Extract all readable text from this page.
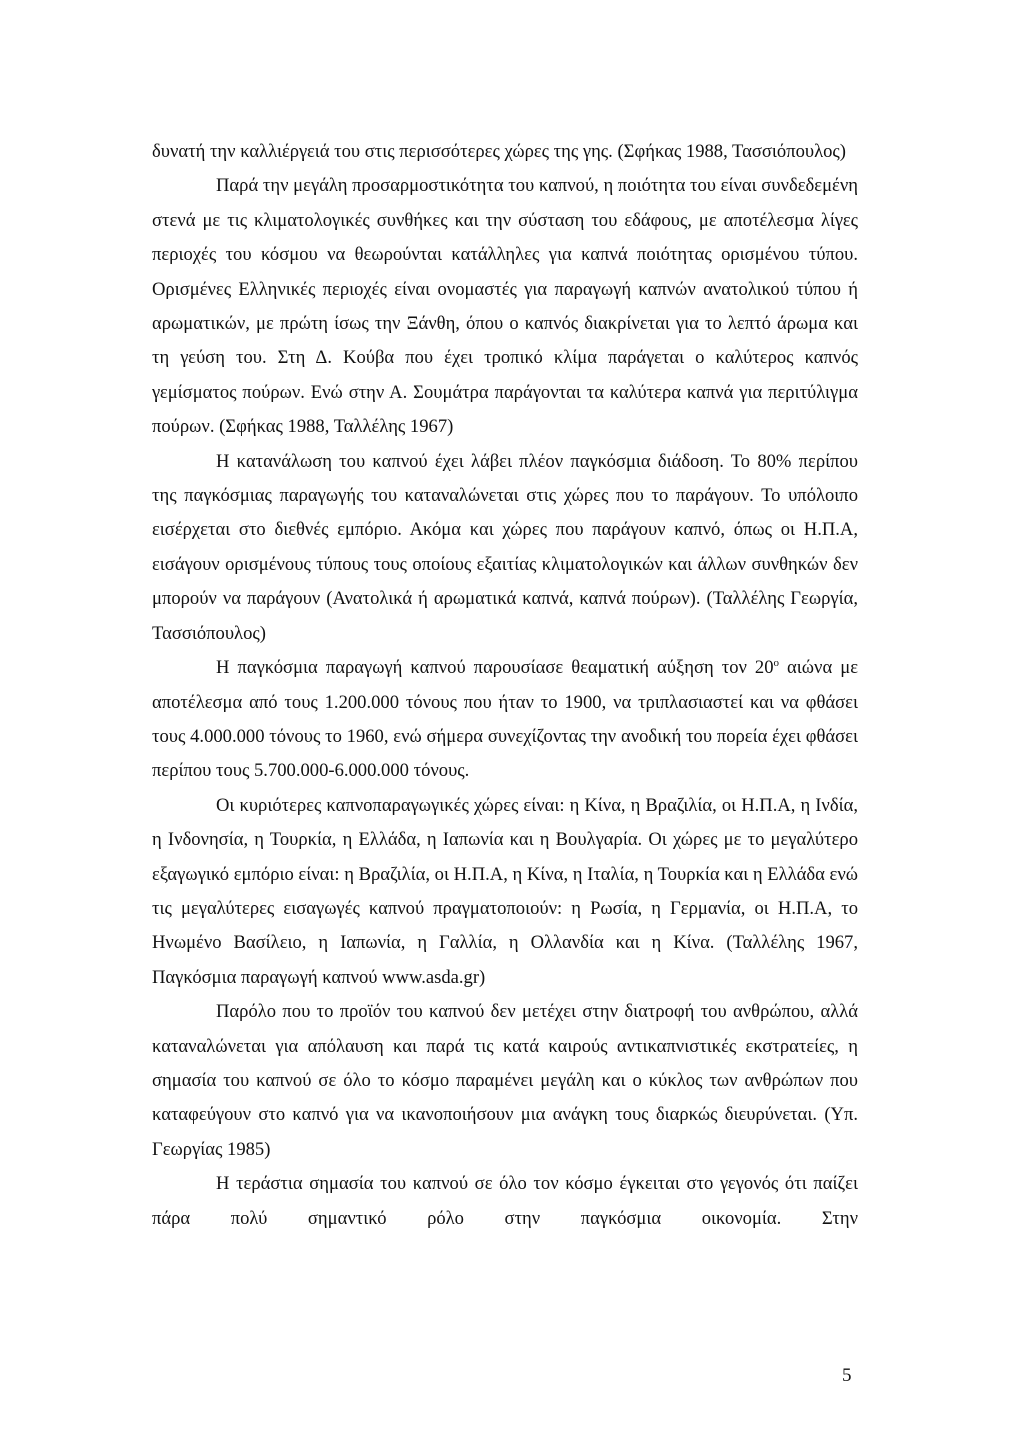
δυνατή την καλλιέργειά του στις περισσότερες χώρες της γης. (Σφήκας 1988, Τασσιόπουλος)

Παρά την μεγάλη προσαρμοστικότητα του καπνού, η ποιότητα του είναι συνδεδεμένη στενά με τις κλιματολογικές συνθήκες και την σύσταση του εδάφους, με αποτέλεσμα λίγες περιοχές του κόσμου να θεωρούνται κατάλληλες για καπνά ποιότητας ορισμένου τύπου. Ορισμένες Ελληνικές περιοχές είναι ονομαστές για παραγωγή καπνών ανατολικού τύπου ή αρωματικών, με πρώτη ίσως την Ξάνθη, όπου ο καπνός διακρίνεται για το λεπτό άρωμα και τη γεύση του. Στη Δ. Κούβα που έχει τροπικό κλίμα παράγεται ο καλύτερος καπνός γεμίσματος πούρων. Ενώ στην Α. Σουμάτρα παράγονται τα καλύτερα καπνά για περιτύλιγμα πούρων. (Σφήκας 1988, Ταλλέλης 1967)

Η κατανάλωση του καπνού έχει λάβει πλέον παγκόσμια διάδοση. Το 80% περίπου της παγκόσμιας παραγωγής του καταναλώνεται στις χώρες που το παράγουν. Το υπόλοιπο εισέρχεται στο διεθνές εμπόριο. Ακόμα και χώρες που παράγουν καπνό, όπως οι Η.Π.Α, εισάγουν ορισμένους τύπους τους οποίους εξαιτίας κλιματολογικών και άλλων συνθηκών δεν μπορούν να παράγουν (Ανατολικά ή αρωματικά καπνά, καπνά πούρων). (Ταλλέλης Γεωργία, Τασσιόπουλος)

Η παγκόσμια παραγωγή καπνού παρουσίασε θεαματική αύξηση τον $20^o$ αιώνα με αποτέλεσμα από τους 1.200.000 τόνους που ήταν το 1900, να τριπλασιαστεί και να φθάσει τους 4.000.000 τόνους το 1960, ενώ σήμερα συνεχίζοντας την ανοδική του πορεία έχει φθάσει περίπου τους 5.700.000-6.000.000 τόνους.

Οι κυριότερες καπνοπαραγωγικές χώρες είναι: η Κίνα, η Βραζιλία, οι Η.Π.Α, η Ινδία, η Ινδονησία, η Τουρκία, η Ελλάδα, η Ιαπωνία και η Βουλγαρία. Οι χώρες με το μεγαλύτερο εξαγωγικό εμπόριο είναι: η Βραζιλία, οι Η.Π.Α, η Κίνα, η Ιταλία, η Τουρκία και η Ελλάδα ενώ τις μεγαλύτερες εισαγωγές καπνού πραγματοποιούν: η Ρωσία, η Γερμανία, οι Η.Π.Α, το Ηνωμένο Βασίλειο, η Ιαπωνία, η Γαλλία, η Ολλανδία και η Κίνα. (Ταλλέλης 1967, Παγκόσμια παραγωγή καπνού www.asda.gr)

Παρόλο που το προϊόν του καπνού δεν μετέχει στην διατροφή του ανθρώπου, αλλά καταναλώνεται για απόλαυση και παρά τις κατά καιρούς αντικαπνιστικές εκστρατείες, η σημασία του καπνού σε όλο το κόσμο παραμένει μεγάλη και ο κύκλος των ανθρώπων που καταφεύγουν στο καπνό για να ικανοποιήσουν μια ανάγκη τους διαρκώς διευρύνεται. (Υπ. Γεωργίας 1985)

Η τεράστια σημασία του καπνού σε όλο τον κόσμο έγκειται στο γεγονός ότι παίζει πάρα πολύ σημαντικό ρόλο στην παγκόσμια οικονομία. Στην

5
